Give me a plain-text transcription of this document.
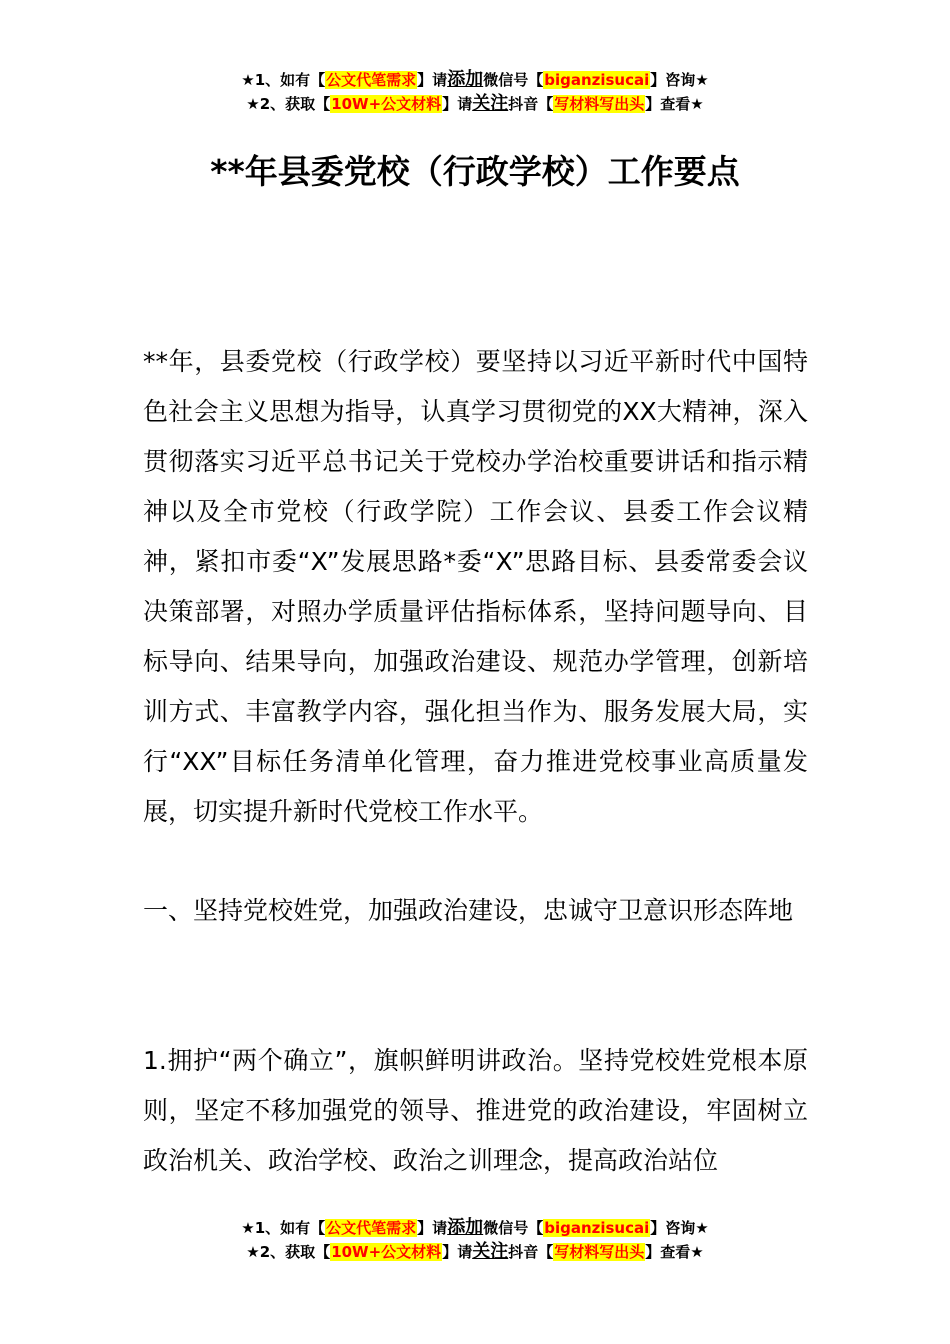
★1、如有【公文代笔需求】请添加微信号【biganzisucai】咨询★
★2、获取【10W+公文材料】请关注抖音【写材料写出头】查看★
**年县委党校（行政学校）工作要点

**年，县委党校（行政学校）要坚持以习近平新时代中国特色社会主义思想为指导，认真学习贯彻党的XX大精神，深入贯彻落实习近平总书记关于党校办学治校重要讲话和指示精神以及全市党校（行政学院）工作会议、县委工作会议精神，紧扣市委“X”发展思路*委“X”思路目标、县委常委会议决策部署，对照办学质量评估指标体系，坚持问题导向、目标导向、结果导向，加强政治建设、规范办学管理，创新培训方式、丰富教学内容，强化担当作为、服务发展大局，实行“XX”目标任务清单化管理，奋力推进党校事业高质量发展，切实提升新时代党校工作水平。

一、坚持党校姓党，加强政治建设，忠诚守卫意识形态阵地

1.拥护“两个确立”，旗帜鲜明讲政治。坚持党校姓党根本原则，坚定不移加强党的领导、推进党的政治建设，牢固树立政治机关、政治学校、政治之训理念，提高政治站位

★1、如有【公文代笔需求】请添加微信号【biganzisucai】咨询★
★2、获取【10W+公文材料】请关注抖音【写材料写出头】查看★
